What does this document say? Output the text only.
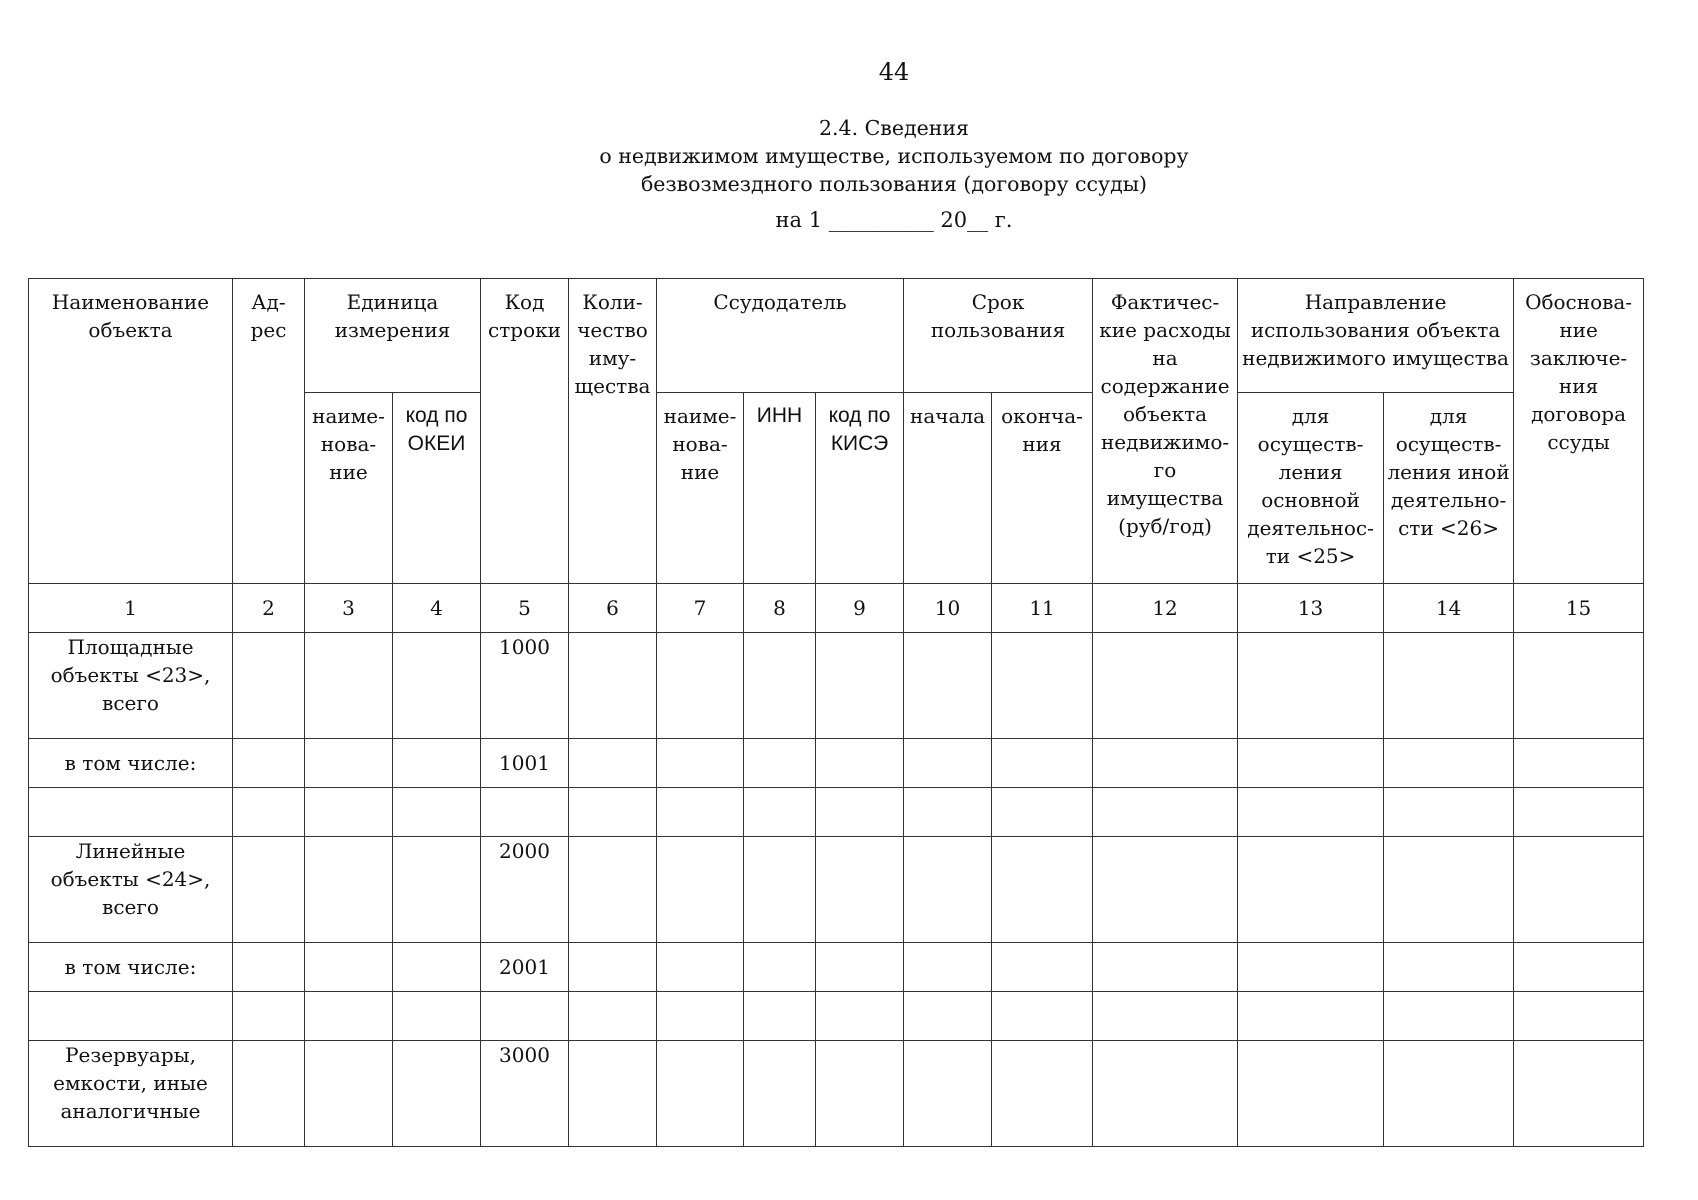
44
2.4. Сведения
о недвижимом имуществе, используемом по договору
безвозмездного пользования (договору ссуды)
на 1 __________ 20__ г.
Наименование объекта	Ад-рес	Единица измерения		Код строки	Коли-чество иму-щества	Ссудодатель			Срок пользования		Фактичес-кие расходы на содержание объекта недвижимо-го имущества (руб/год)	Направление использования объекта недвижимого имущества		Обоснова-ние заключе-ния договора ссуды
		наиме-нова-ние	код по ОКЕИ			наиме-нова-ние	ИНН	код по КИСЭ	начала	оконча-ния		для осуществ-ления основной деятельнос-ти <25>	для осуществ-ления иной деятельно-сти <26>	
1	2	3	4	5	6	7	8	9	10	11	12	13	14	15
Площадные объекты <23>, всего				1000										
в том числе:				1001										

Линейные объекты <24>, всего				2000										
в том числе:				2001										

Резервуары, емкости, иные аналогичные				3000										
